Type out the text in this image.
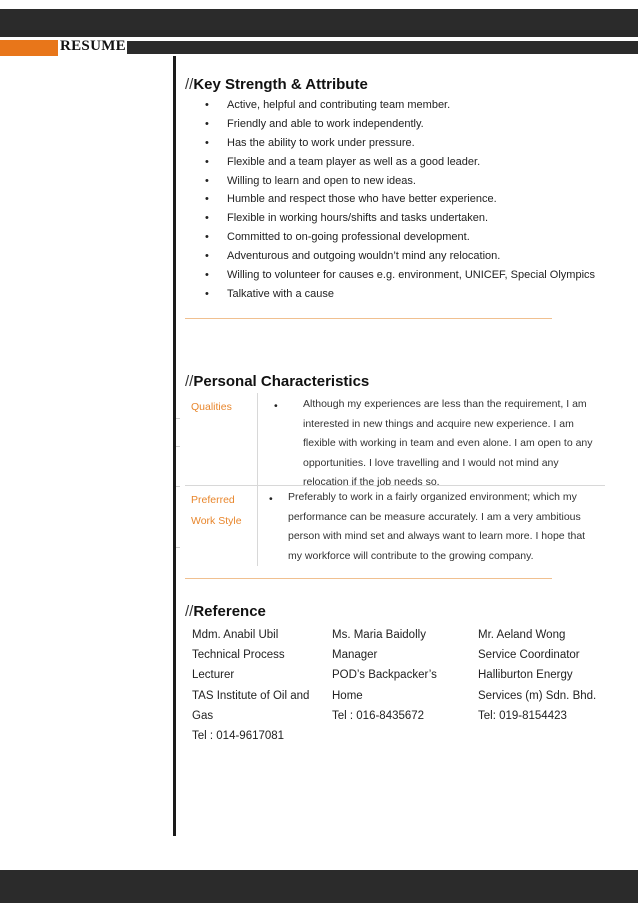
RESUME
//Key Strength & Attribute
• Active, helpful and contributing team member.
• Friendly and able to work independently.
• Has the ability to work under pressure.
• Flexible and a team player as well as a good leader.
• Willing to learn and open to new ideas.
• Humble and respect those who have better experience.
• Flexible in working hours/shifts and tasks undertaken.
• Committed to on-going professional development.
• Adventurous and outgoing wouldn’t mind any relocation.
• Willing to volunteer for causes e.g. environment, UNICEF, Special Olympics
• Talkative with a cause
//Personal Characteristics
Qualities	• Although my experiences are less than the requirement, I am
interested in new things and acquire new experience. I am
flexible with working in team and even alone. I am open to any
opportunities. I love travelling and I would not mind any
relocation if the job needs so.
Preferred
Work Style
• Preferably to work in a fairly organized environment; which my
performance can be measure accurately. I am a very ambitious
person with mind set and always want to learn more. I hope that
my workforce will contribute to the growing company.
//Reference
Mdm. Anabil Ubil
Technical Process
Lecturer
TAS Institute of Oil and
Gas
Tel : 014-9617081
Ms. Maria Baidolly
Manager
POD’s Backpacker’s
Home
Tel : 016-8435672
Mr. Aeland Wong
Service Coordinator
Halliburton Energy
Services (m) Sdn. Bhd.
Tel: 019-8154423
